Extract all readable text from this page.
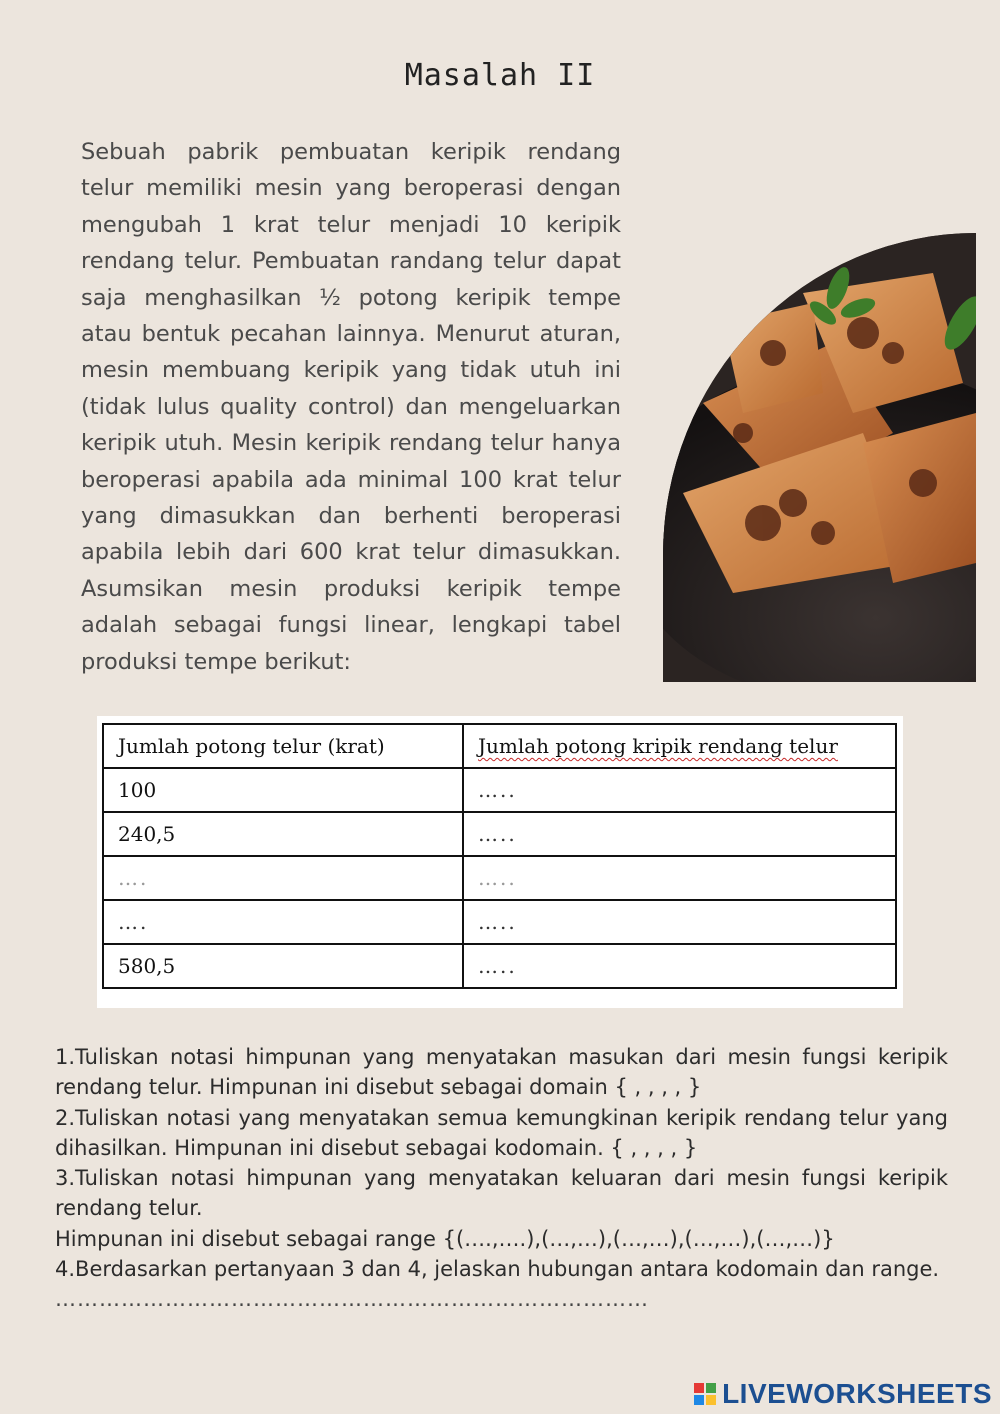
Masalah II

Sebuah pabrik pembuatan keripik rendang telur memiliki mesin yang beroperasi dengan mengubah 1 krat telur menjadi 10 keripik rendang telur. Pembuatan randang telur dapat saja menghasilkan ½ potong keripik tempe atau bentuk pecahan lainnya. Menurut aturan, mesin membuang keripik yang tidak utuh ini (tidak lulus quality control) dan mengeluarkan keripik utuh. Mesin keripik rendang telur hanya beroperasi apabila ada minimal 100 krat telur yang dimasukkan dan berhenti beroperasi apabila lebih dari 600 krat telur dimasukkan. Asumsikan mesin produksi keripik tempe adalah sebagai fungsi linear, lengkapi tabel produksi tempe berikut:

Jumlah potong telur (krat)	Jumlah potong kripik rendang telur
100	…..
240,5	…..
….	…..
….	…..
580,5	…..

1.Tuliskan notasi himpunan yang menyatakan masukan dari mesin fungsi keripik rendang telur. Himpunan ini disebut sebagai domain { , , , , }

2.Tuliskan notasi yang menyatakan semua kemungkinan keripik rendang telur yang dihasilkan. Himpunan ini disebut sebagai kodomain. { , , , , }

3.Tuliskan notasi himpunan yang menyatakan keluaran dari mesin fungsi keripik rendang telur.

Himpunan ini disebut sebagai range {(….,….),(…,…),(…,…),(…,…),(…,…)}

4.Berdasarkan pertanyaan 3 dan 4, jelaskan hubungan antara kodomain dan range.

………………………………………………………………………

LIVEWORKSHEETS
